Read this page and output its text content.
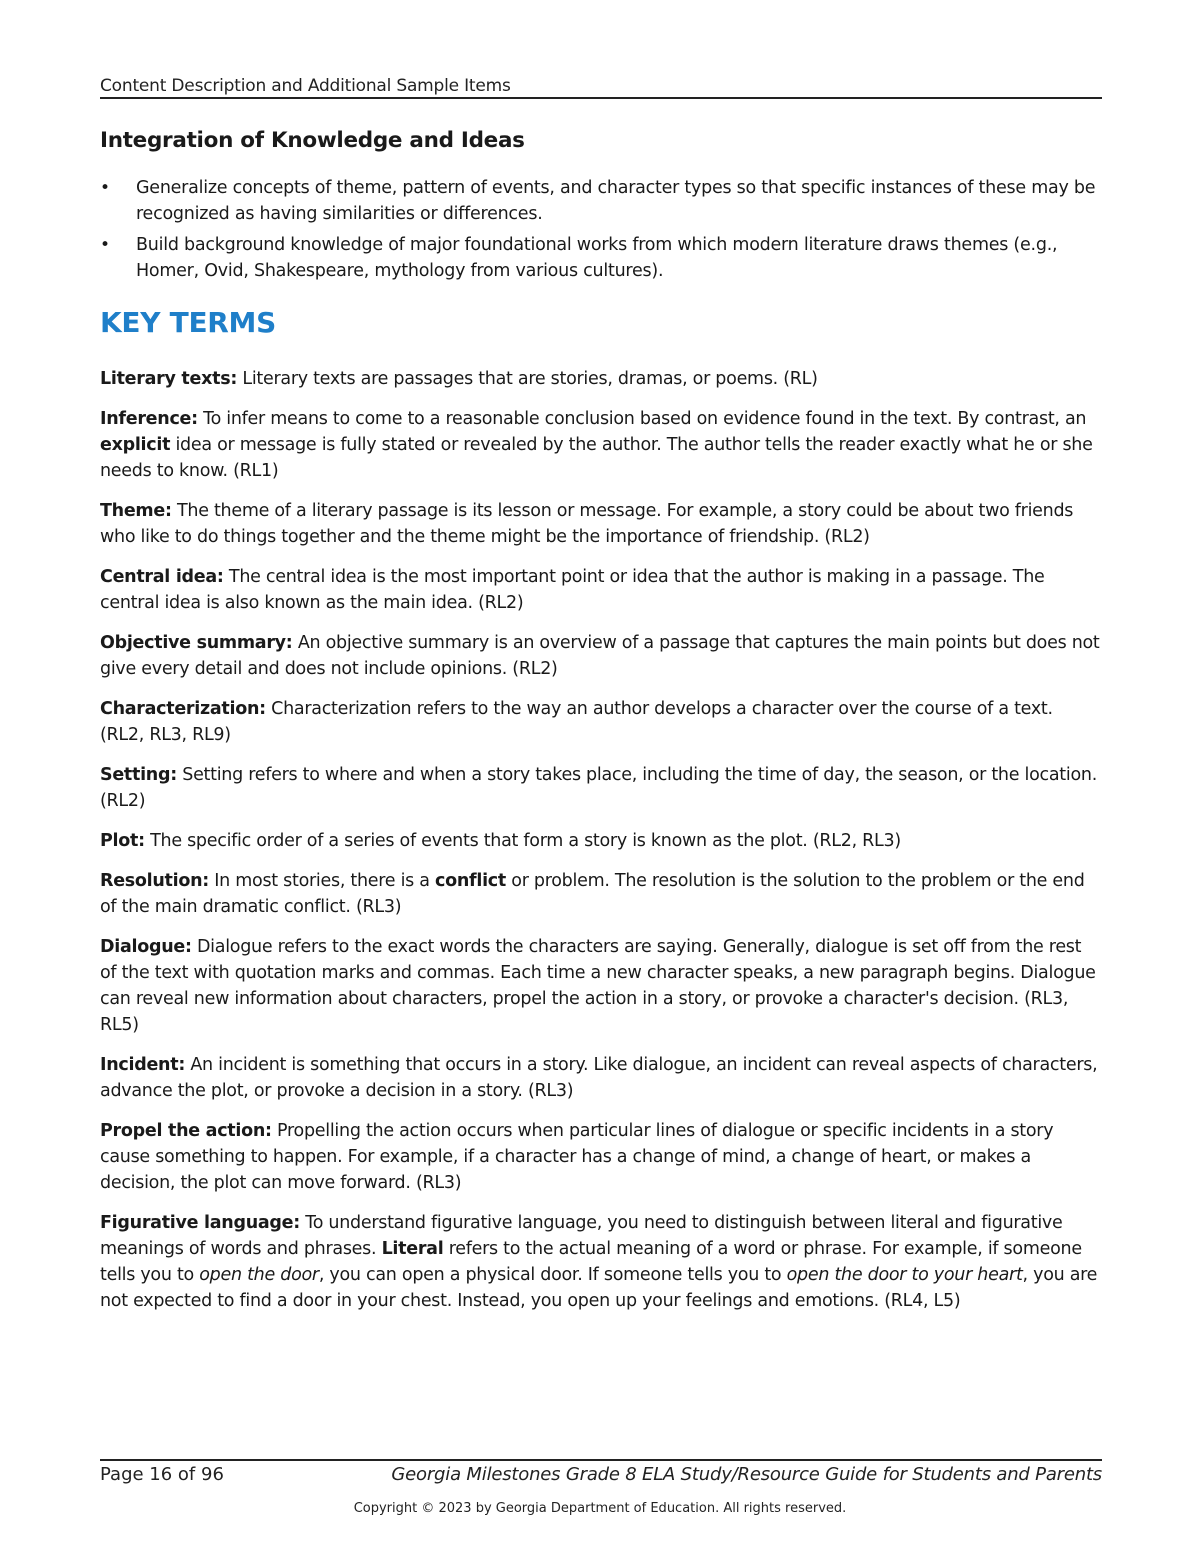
Content Description and Additional Sample Items
Integration of Knowledge and Ideas
• Generalize concepts of theme, pattern of events, and character types so that specific instances of these may be recognized as having similarities or differences.
• Build background knowledge of major foundational works from which modern literature draws themes (e.g., Homer, Ovid, Shakespeare, mythology from various cultures).
KEY TERMS

Literary texts: Literary texts are passages that are stories, dramas, or poems. (RL)

Inference: To infer means to come to a reasonable conclusion based on evidence found in the text. By contrast, an explicit idea or message is fully stated or revealed by the author. The author tells the reader exactly what he or she needs to know. (RL1)

Theme: The theme of a literary passage is its lesson or message. For example, a story could be about two friends who like to do things together and the theme might be the importance of friendship. (RL2)

Central idea: The central idea is the most important point or idea that the author is making in a passage. The central idea is also known as the main idea. (RL2)

Objective summary: An objective summary is an overview of a passage that captures the main points but does not give every detail and does not include opinions. (RL2)

Characterization: Characterization refers to the way an author develops a character over the course of a text. (RL2, RL3, RL9)

Setting: Setting refers to where and when a story takes place, including the time of day, the season, or the location. (RL2)

Plot: The specific order of a series of events that form a story is known as the plot. (RL2, RL3)

Resolution: In most stories, there is a conflict or problem. The resolution is the solution to the problem or the end of the main dramatic conflict. (RL3)

Dialogue: Dialogue refers to the exact words the characters are saying. Generally, dialogue is set off from the rest of the text with quotation marks and commas. Each time a new character speaks, a new paragraph begins. Dialogue can reveal new information about characters, propel the action in a story, or provoke a character's decision. (RL3, RL5)

Incident: An incident is something that occurs in a story. Like dialogue, an incident can reveal aspects of characters, advance the plot, or provoke a decision in a story. (RL3)

Propel the action: Propelling the action occurs when particular lines of dialogue or specific incidents in a story cause something to happen. For example, if a character has a change of mind, a change of heart, or makes a decision, the plot can move forward. (RL3)

Figurative language: To understand figurative language, you need to distinguish between literal and figurative meanings of words and phrases. Literal refers to the actual meaning of a word or phrase. For example, if someone tells you to open the door, you can open a physical door. If someone tells you to open the door to your heart, you are not expected to find a door in your chest. Instead, you open up your feelings and emotions. (RL4, L5)

Page 16 of 96	Georgia Milestones Grade 8 ELA Study/Resource Guide for Students and Parents
Copyright © 2023 by Georgia Department of Education. All rights reserved.
